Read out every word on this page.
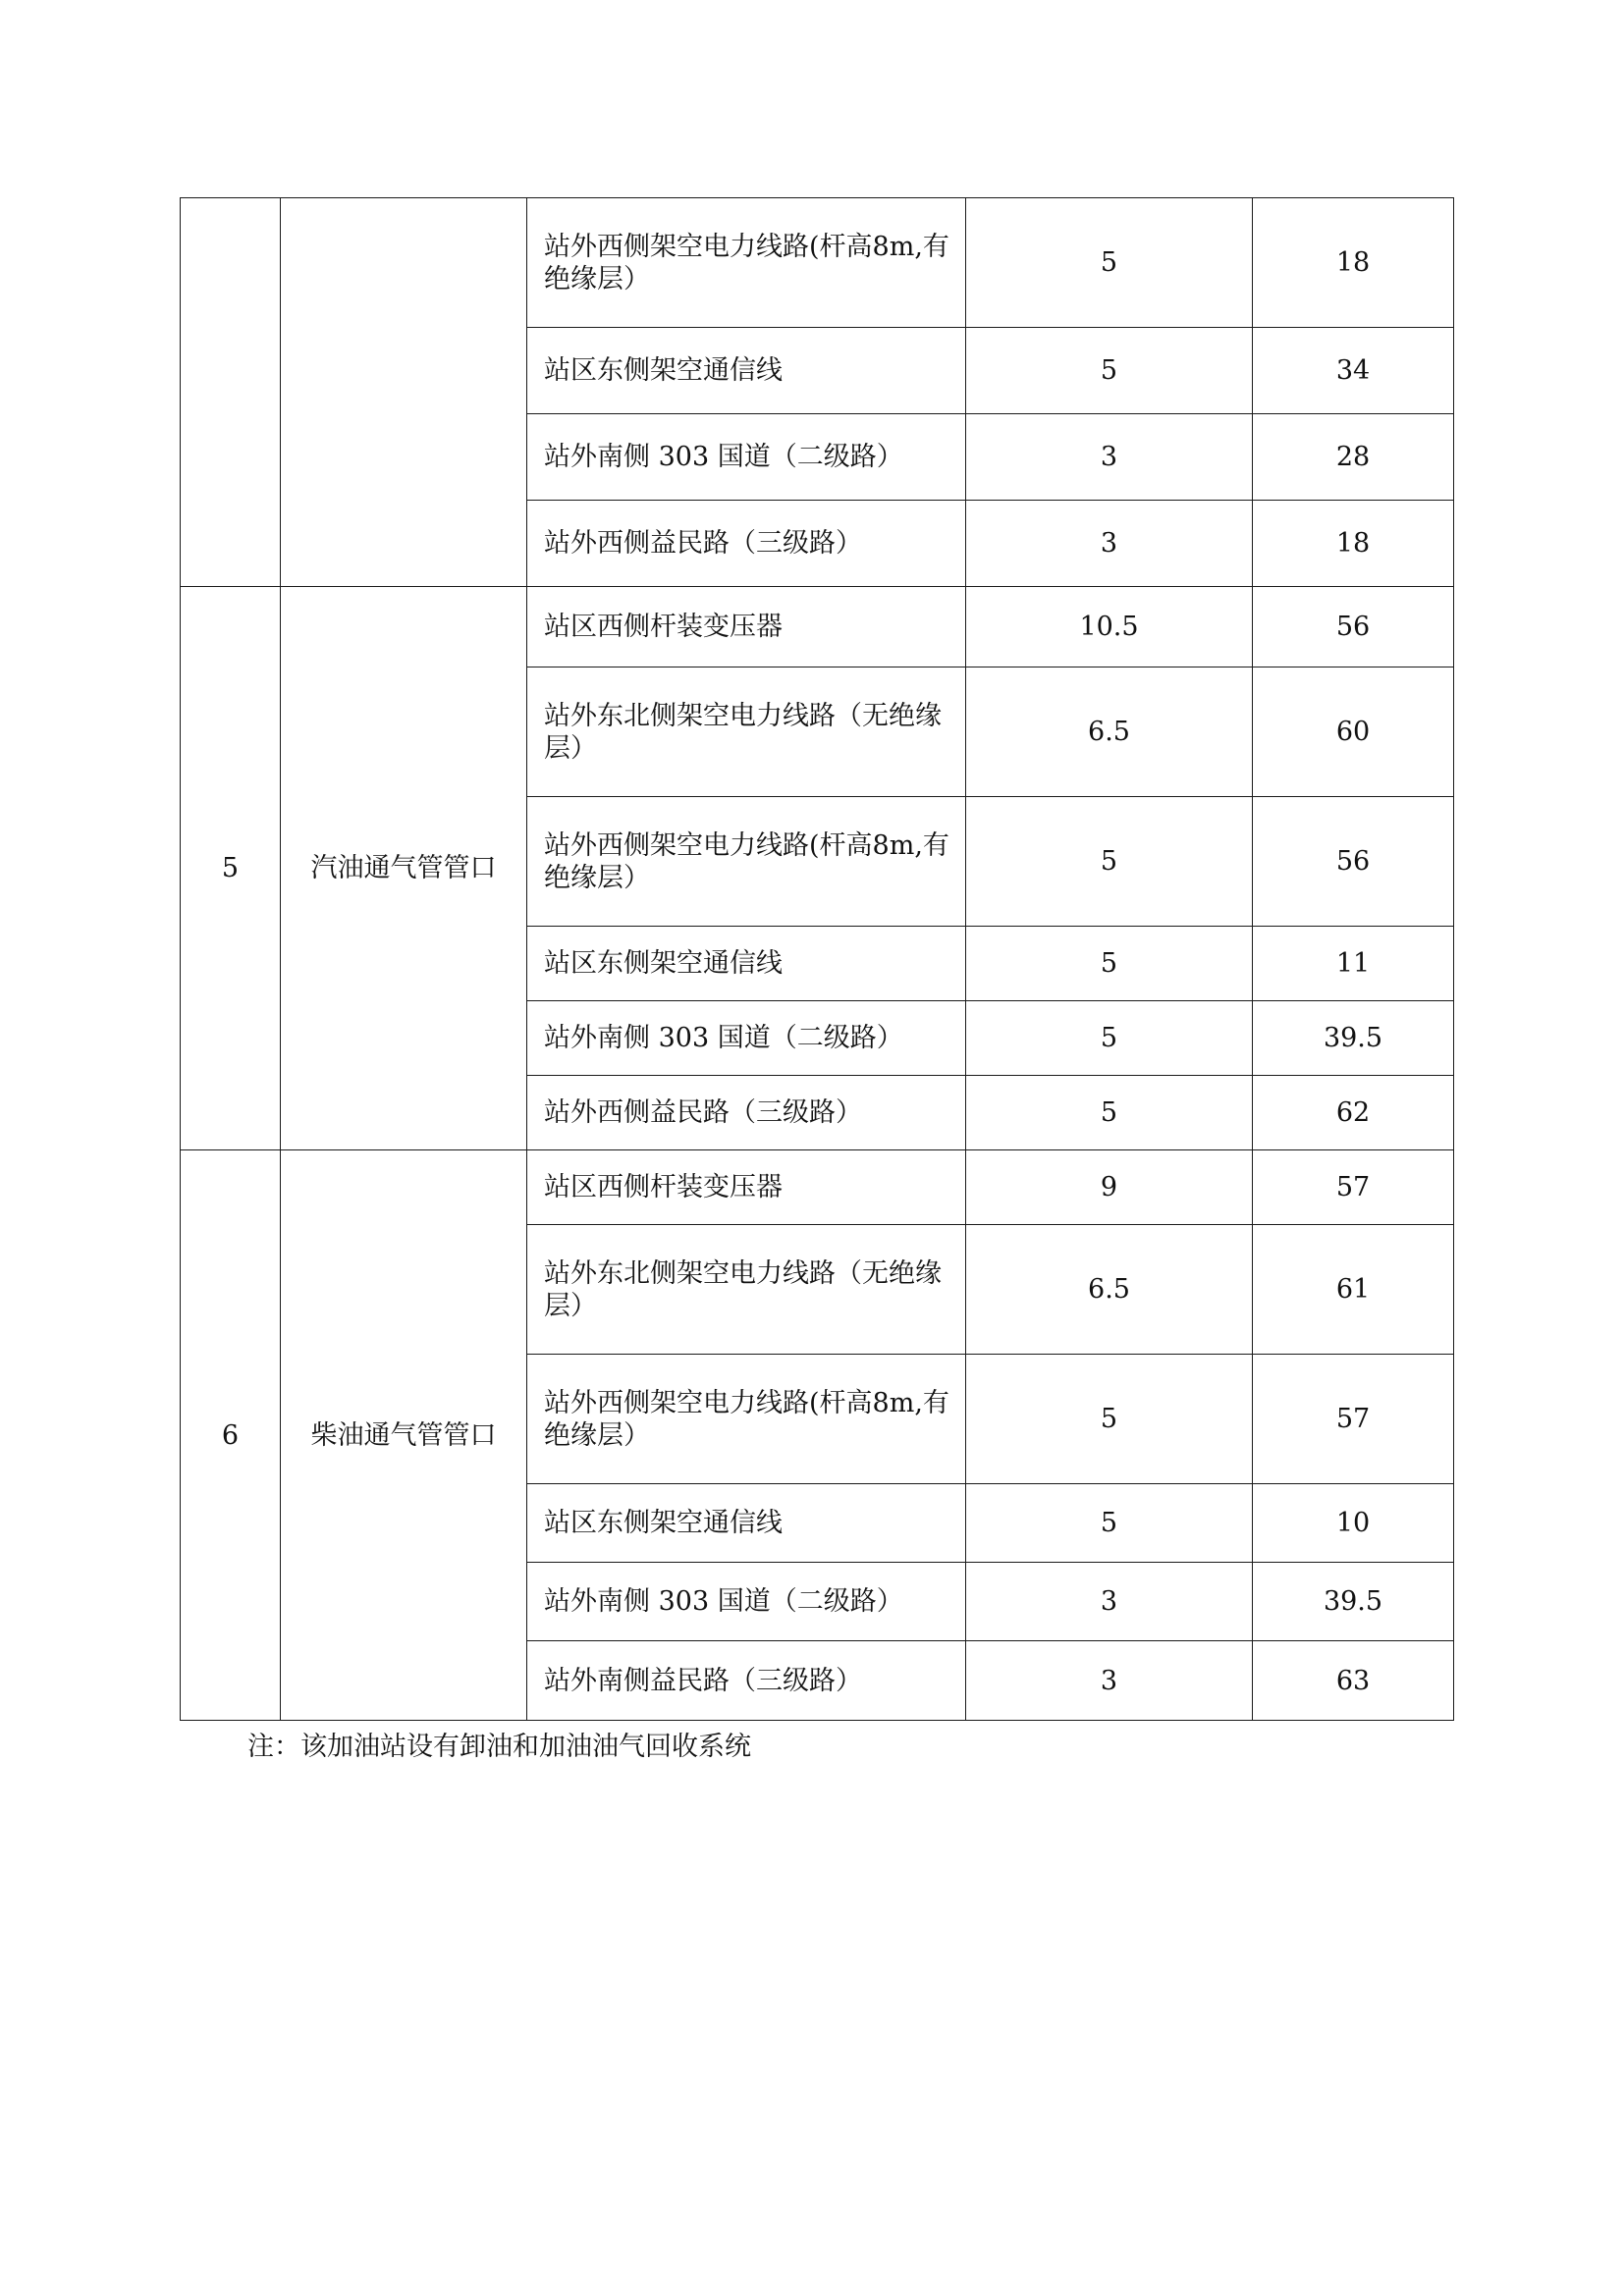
		站外西侧架空电力线路(杆高8m,有绝缘层）	5	18
		站区东侧架空通信线	5	34
		站外南侧 303 国道（二级路）	3	28
		站外西侧益民路（三级路）	3	18
5	汽油通气管管口	站区西侧杆装变压器	10.5	56
		站外东北侧架空电力线路（无绝缘层）	6.5	60
		站外西侧架空电力线路(杆高8m,有绝缘层）	5	56
		站区东侧架空通信线	5	11
		站外南侧 303 国道（二级路）	5	39.5
		站外西侧益民路（三级路）	5	62
6	柴油通气管管口	站区西侧杆装变压器	9	57
		站外东北侧架空电力线路（无绝缘层）	6.5	61
		站外西侧架空电力线路(杆高8m,有绝缘层）	5	57
		站区东侧架空通信线	5	10
		站外南侧 303 国道（二级路）	3	39.5
		站外南侧益民路（三级路）	3	63
注：该加油站设有卸油和加油油气回收系统
